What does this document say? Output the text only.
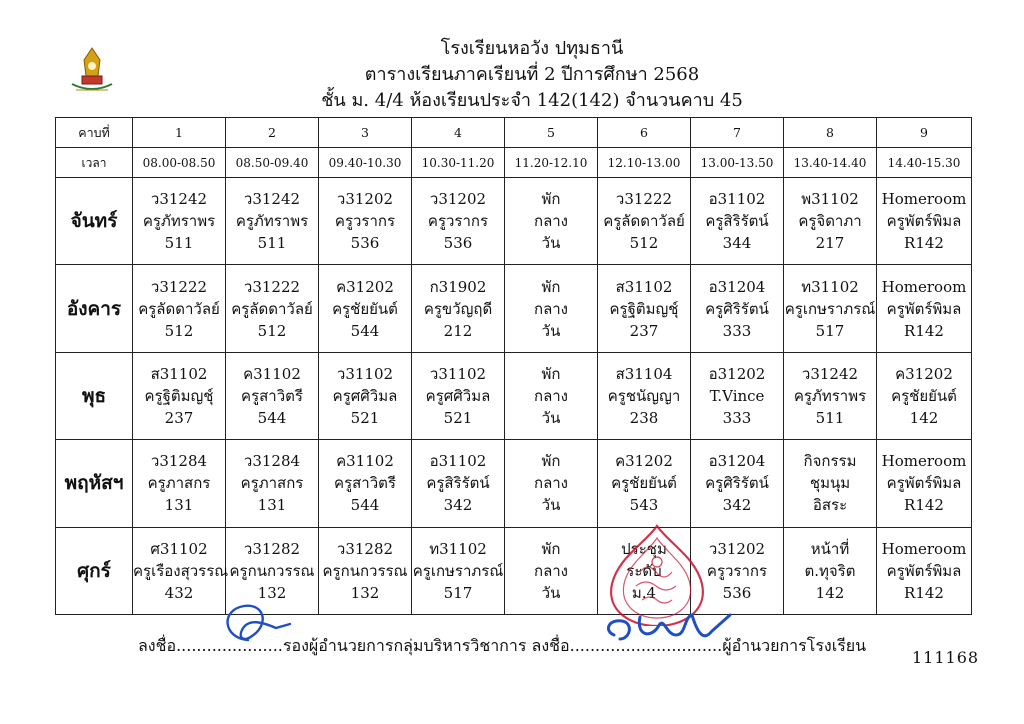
โรงเรียนหอวัง ปทุมธานี
ตารางเรียนภาคเรียนที่ 2 ปีการศึกษา 2568
ชั้น ม. 4/4 ห้องเรียนประจำ 142(142) จำนวนคาบ 45
คาบที่	1	2	3	4	5	6	7	8	9
เวลา	08.00-08.50	08.50-09.40	09.40-10.30	10.30-11.20	11.20-12.10	12.10-13.00	13.00-13.50	13.40-14.40	14.40-15.30
จันทร์	ว31242
ครูภัทราพร
511	ว31242
ครูภัทราพร
511	ว31202
ครูวรากร
536	ว31202
ครูวรากร
536	พัก
กลาง
วัน	ว31222
ครูลัดดาวัลย์
512	อ31102
ครูสิริรัตน์
344	พ31102
ครูจิดาภา
217	Homeroom
ครูพัตร์พิมล
R142

อังคาร	ว31222
ครูลัดดาวัลย์
512	ว31222
ครูลัดดาวัลย์
512	ค31202
ครูชัยยันต์
544	ก31902
ครูขวัญฤดี
212	พัก
กลาง
วัน	ส31102
ครูฐิติมญชุ์
237	อ31204
ครูศิริรัตน์
333	ท31102
ครูเกษราภรณ์
517	Homeroom
ครูพัตร์พิมล
R142

พุธ	ส31102
ครูฐิติมญชุ์
237	ค31102
ครูสาวิตรี
544	ว31102
ครูศศิวิมล
521	ว31102
ครูศศิวิมล
521	พัก
กลาง
วัน	ส31104
ครูชนัญญา
238	อ31202
T.Vince
333	ว31242
ครูภัทราพร
511	ค31202
ครูชัยยันต์
142

พฤหัสฯ	ว31284
ครูภาสกร
131	ว31284
ครูภาสกร
131	ค31102
ครูสาวิตรี
544	อ31102
ครูสิริรัตน์
342	พัก
กลาง
วัน	ค31202
ครูชัยยันต์
543	อ31204
ครูศิริรัตน์
342	กิจกรรม
ชุมนุม
อิสระ	Homeroom
ครูพัตร์พิมล
R142

ศุกร์	ศ31102
ครูเรืองสุวรรณ
432	ว31282
ครูกนกวรรณ
132	ว31282
ครูกนกวรรณ
132	ท31102
ครูเกษราภรณ์
517	พัก
กลาง
วัน	ประชุม
ระดับ
ม.4	ว31202
ครูวรากร
536	หน้าที่
ต.ทุจริต
142	Homeroom
ครูพัตร์พิมล
R142
ลงชื่อ.....................รองผู้อำนวยการกลุ่มบริหารวิชาการ ลงชื่อ..............................ผู้อำนวยการโรงเรียน
111168
